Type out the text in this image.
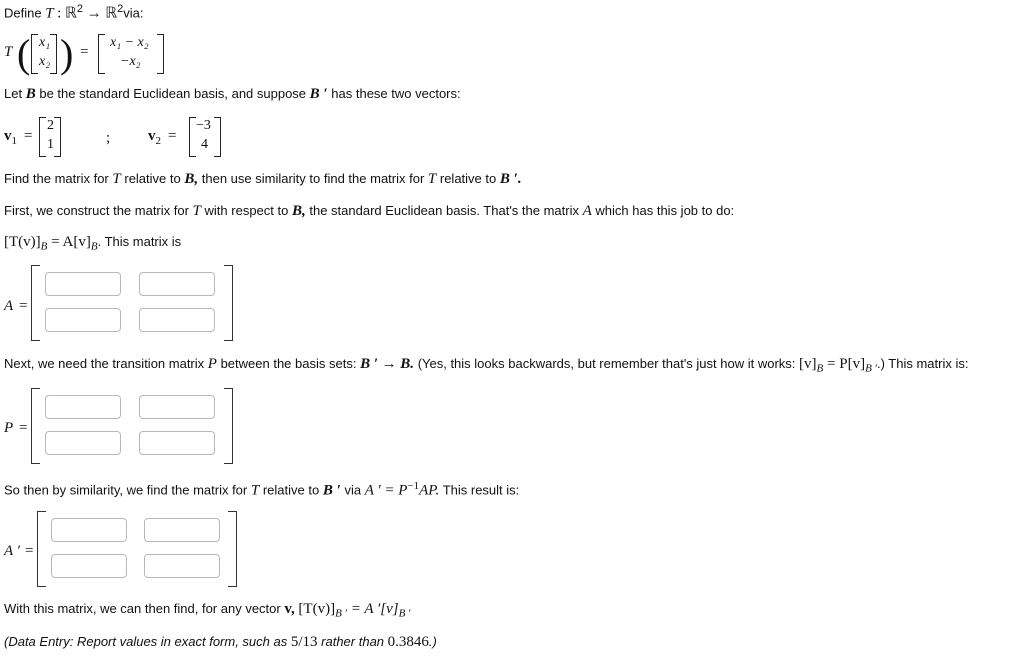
Define T : ℝ$^2$ → ℝ$^2$via:
T ( x₁
x₂ ) =
x₁ − x₂
−x₂
Let B be the standard Euclidean basis, and suppose B ′ has these two vectors:
$v_1$ =
2
1	;	$v_2$ =
−3
4
Find the matrix for T relative to B, then use similarity to find the matrix for T relative to B ′.
First, we construct the matrix for T with respect to B, the standard Euclidean basis. That's the matrix A which has this job to do:
$[T(v)]_B = A[v]_B$. This matrix is
A =
Next, we need the transition matrix P between the basis sets: B ′ → B. (Yes, this looks backwards, but remember that's just how it works: $[v]_B = P[v]_{B '}$.) This matrix is:
P =
So then by similarity, we find the matrix for T relative to B ′ via A ′ = $P^{-1}AP$. This result is:
A ′ =
With this matrix, we can then find, for any vector v, $[T(v)]_{B '} = A$ $'[v]_{B '}$
(Data Entry: Report values in exact form, such as 5/13 rather than 0.3846.)
